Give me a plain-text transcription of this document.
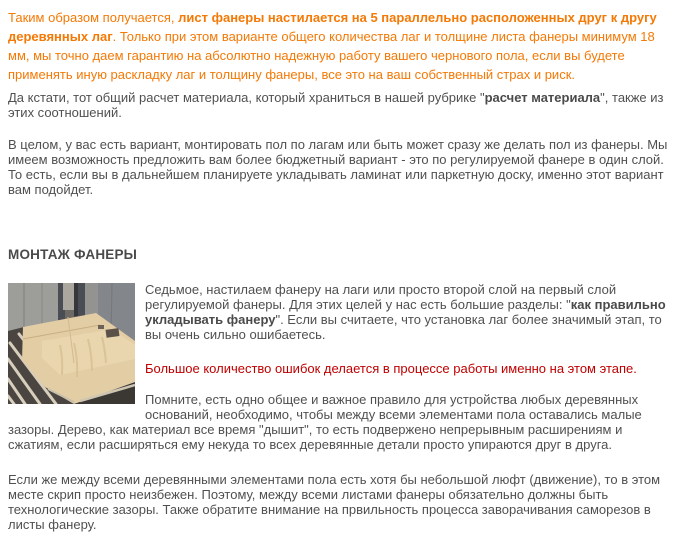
Таким образом получается, лист фанеры настилается на 5 параллельно расположенных друг к другу деревянных лаг. Только при этом варианте общего количества лаг и толщине листа фанеры минимум 18 мм, мы точно даем гарантию на абсолютно надежную работу вашего чернового пола, если вы будете применять иную раскладку лаг и толщину фанеры, все это на ваш собственный страх и риск.

Да кстати, тот общий расчет материала, который храниться в нашей рубрике "расчет материала", также из этих соотношений.

В целом, у вас есть вариант, монтировать пол по лагам или быть может сразу же делать пол из фанеры. Мы имеем возможность предложить вам более бюджетный вариант - это по регулируемой фанере в один слой. То есть, если вы в дальнейшем планируете укладывать ламинат или паркетную доску, именно этот вариант вам подойдет.

МОНТАЖ ФАНЕРЫ

Седьмое, настилаем фанеру на лаги или просто второй слой на первый слой регулируемой фанеры. Для этих целей у нас есть большие разделы: "как правильно укладывать фанеру". Если вы считаете, что установка лаг более значимый этап, то вы очень сильно ошибаетесь.

Большое количество ошибок делается в процессе работы именно на этом этапе.

Помните, есть одно общее и важное правило для устройства любых деревянных оснований, необходимо, чтобы между всеми элементами пола оставались малые зазоры. Дерево, как материал все время "дышит", то есть подвержено непрерывным расширениям и сжатиям, если расширяться ему некуда то всех деревянные детали просто упираются друг в друга.

Если же между всеми деревянными элементами пола есть хотя бы небольшой люфт (движение), то в этом месте скрип просто неизбежен. Поэтому, между всеми листами фанеры обязательно должны быть технологические зазоры. Также обратите внимание на првильность процесса заворачивания саморезов в листы фанеру.
